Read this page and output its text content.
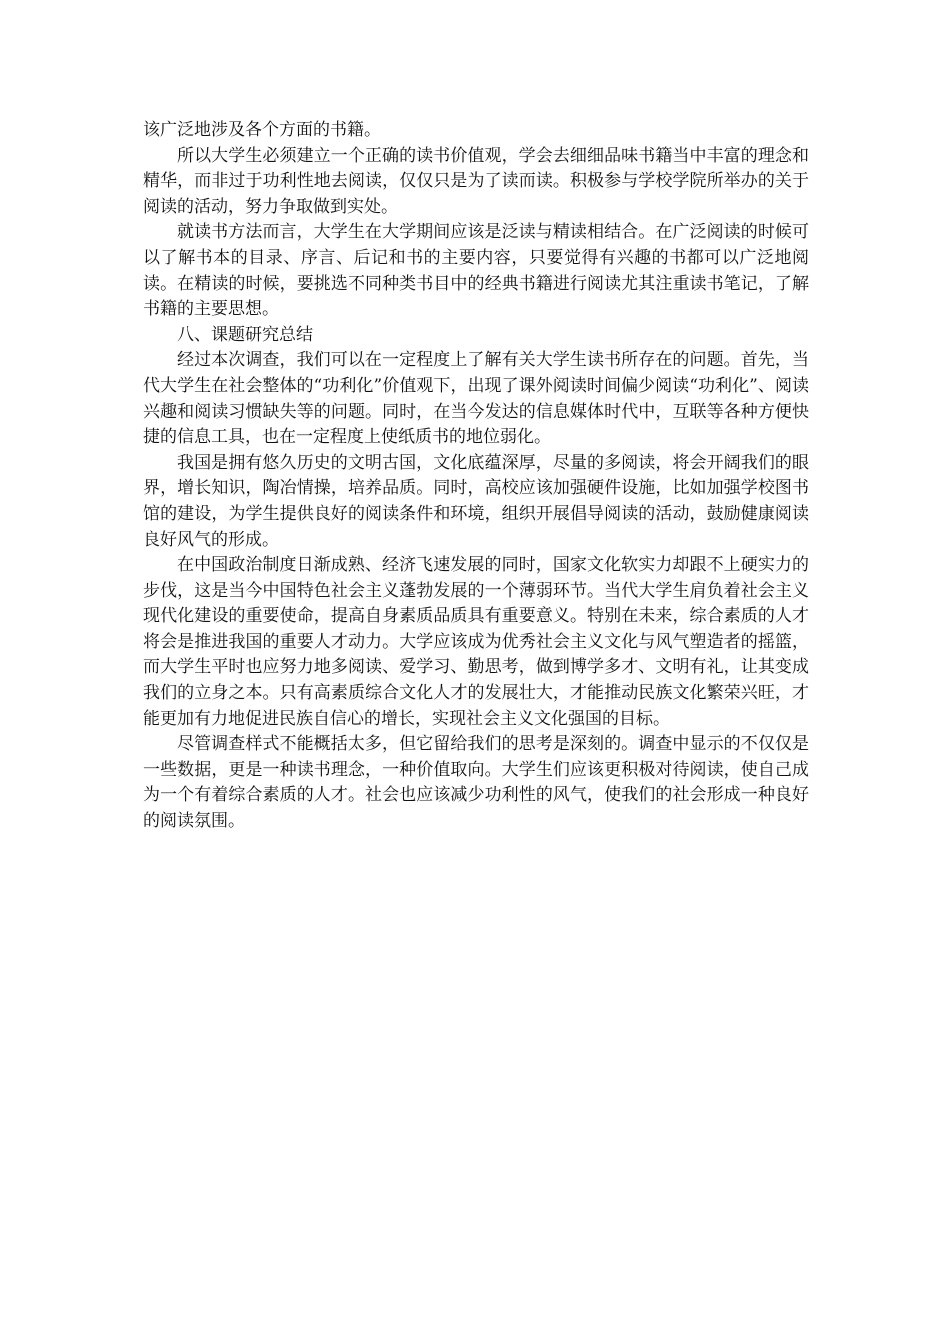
该广泛地涉及各个方面的书籍。

所以大学生必须建立一个正确的读书价值观，学会去细细品味书籍当中丰富的理念和精华，而非过于功利性地去阅读，仅仅只是为了读而读。积极参与学校学院所举办的关于阅读的活动，努力争取做到实处。

就读书方法而言，大学生在大学期间应该是泛读与精读相结合。在广泛阅读的时候可以了解书本的目录、序言、后记和书的主要内容，只要觉得有兴趣的书都可以广泛地阅读。在精读的时候，要挑选不同种类书目中的经典书籍进行阅读尤其注重读书笔记，了解书籍的主要思想。

八、课题研究总结

经过本次调查，我们可以在一定程度上了解有关大学生读书所存在的问题。首先，当代大学生在社会整体的“功利化”价值观下，出现了课外阅读时间偏少阅读“功利化”、阅读兴趣和阅读习惯缺失等的问题。同时，在当今发达的信息媒体时代中，互联等各种方便快捷的信息工具，也在一定程度上使纸质书的地位弱化。

我国是拥有悠久历史的文明古国，文化底蕴深厚，尽量的多阅读，将会开阔我们的眼界，增长知识，陶冶情操，培养品质。同时，高校应该加强硬件设施，比如加强学校图书馆的建设，为学生提供良好的阅读条件和环境，组织开展倡导阅读的活动，鼓励健康阅读良好风气的形成。

在中国政治制度日渐成熟、经济飞速发展的同时，国家文化软实力却跟不上硬实力的步伐，这是当今中国特色社会主义蓬勃发展的一个薄弱环节。当代大学生肩负着社会主义现代化建设的重要使命，提高自身素质品质具有重要意义。特别在未来，综合素质的人才将会是推进我国的重要人才动力。大学应该成为优秀社会主义文化与风气塑造者的摇篮，而大学生平时也应努力地多阅读、爱学习、勤思考，做到博学多才、文明有礼，让其变成我们的立身之本。只有高素质综合文化人才的发展壮大，才能推动民族文化繁荣兴旺，才能更加有力地促进民族自信心的增长，实现社会主义文化强国的目标。

尽管调查样式不能概括太多，但它留给我们的思考是深刻的。调查中显示的不仅仅是一些数据，更是一种读书理念，一种价值取向。大学生们应该更积极对待阅读，使自己成为一个有着综合素质的人才。社会也应该减少功利性的风气，使我们的社会形成一种良好的阅读氛围。
